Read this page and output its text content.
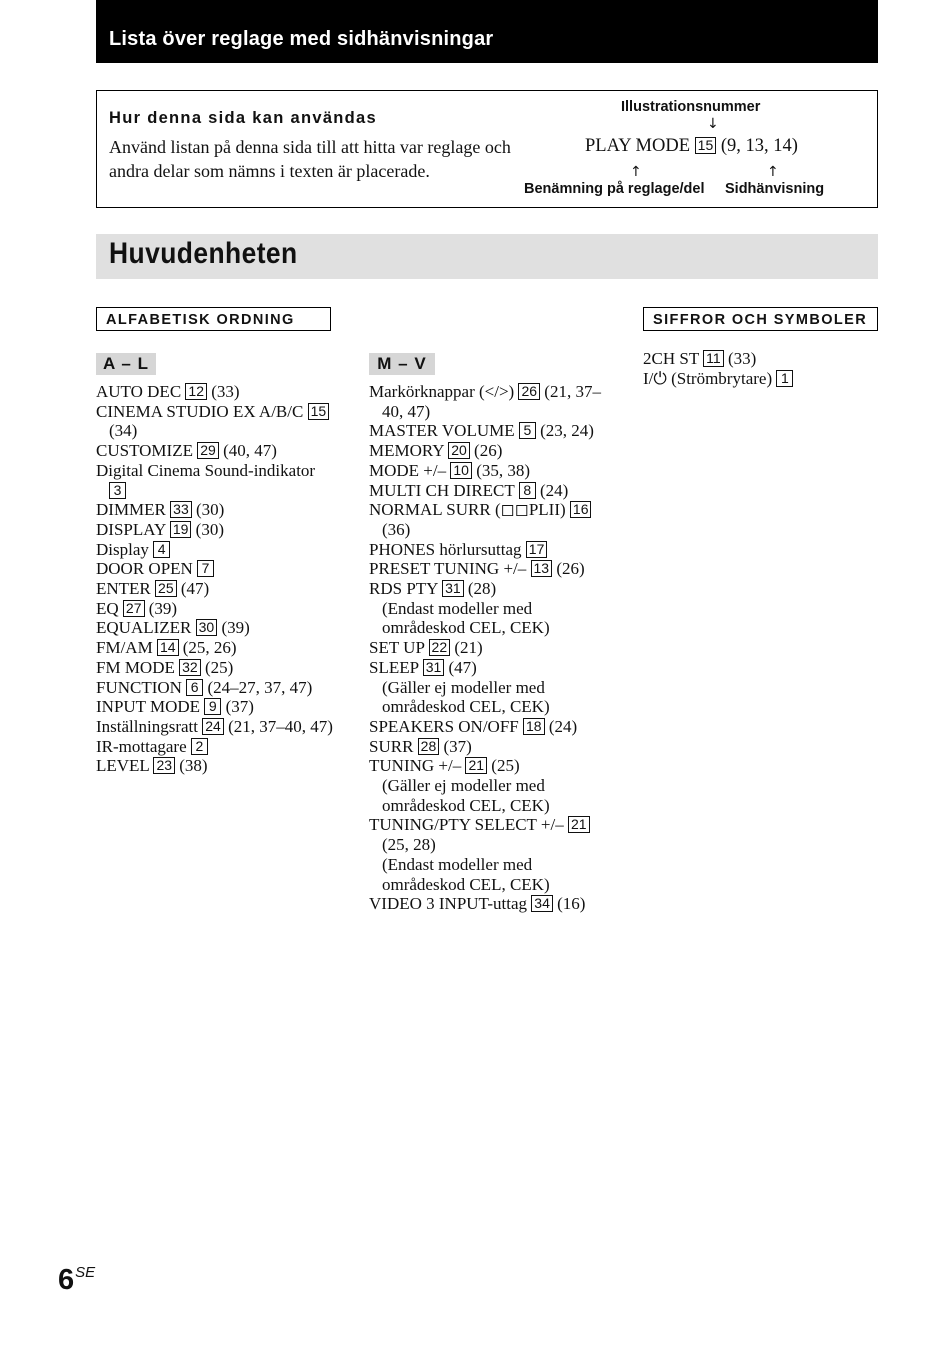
Lista över reglage med sidhänvisningar
Hur denna sida kan användas
Använd listan på denna sida till att hitta var reglage och andra delar som nämns i texten är placerade.
Illustrationsnummer
↓
PLAY MODE 15 (9, 13, 14)
↑	↑
Benämning på reglage/del Sidhänvisning
Huvudenheten
ALFABETISK ORDNING	SIFFROR OCH SYMBOLER
A – L	M – V

AUTO DEC 12 (33)

CINEMA STUDIO EX A/B/C 15 (34)

CUSTOMIZE 29 (40, 47)

Digital Cinema Sound-indikator 3

DIMMER 33 (30)

DISPLAY 19 (30)

Display 4

DOOR OPEN 7

ENTER 25 (47)

EQ 27 (39)

EQUALIZER 30 (39)

FM/AM 14 (25, 26)

FM MODE 32 (25)

FUNCTION 6 (24–27, 37, 47)

INPUT MODE 9 (37)

Inställningsratt 24 (21, 37–40, 47)

IR-mottagare 2

LEVEL 23 (38)

Markörknappar (</>) 26 (21, 37–40, 47)

MASTER VOLUME 5 (23, 24)

MEMORY 20 (26)

MODE +/– 10 (35, 38)

MULTI CH DIRECT 8 (24)

NORMAL SURR (◻◻PLII) 16 (36)

PHONES hörlursuttag 17

PRESET TUNING +/– 13 (26)

RDS PTY 31 (28)
(Endast modeller med områdeskod CEL, CEK)

SET UP 22 (21)

SLEEP 31 (47)
(Gäller ej modeller med områdeskod CEL, CEK)

SPEAKERS ON/OFF 18 (24)

SURR 28 (37)

TUNING +/– 21 (25)
(Gäller ej modeller med områdeskod CEL, CEK)

TUNING/PTY SELECT +/– 21 (25, 28)
(Endast modeller med områdeskod CEL, CEK)

VIDEO 3 INPUT-uttag 34 (16)

2CH ST 11 (33)

I/⏻ (Strömbrytare) 1

$6^{SE}$
